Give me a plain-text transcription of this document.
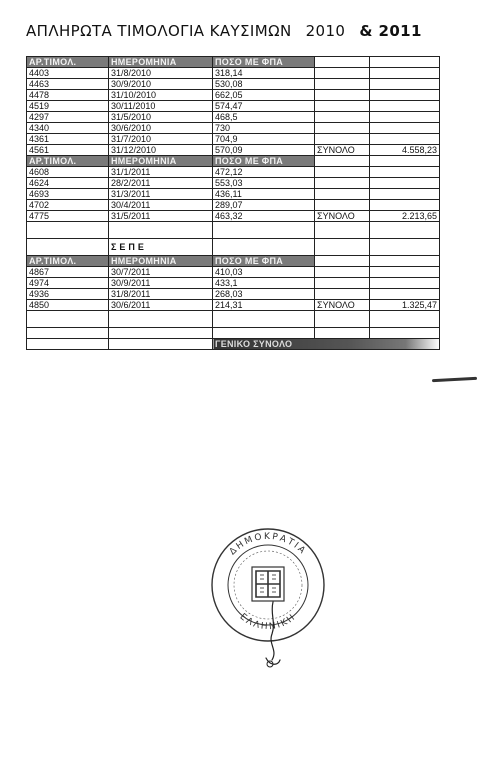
ΑΠΛΗΡΩΤΑ ΤΙΜΟΛΟΓΙΑ ΚΑΥΣΙΜΩΝ 2010 & 2011
ΑΡ.ΤΙΜΟΛ.	ΗΜΕΡΟΜΗΝΙΑ	ΠΟΣΟ ΜΕ ΦΠΑ		
4403	31/8/2010	318,14		
4463	30/9/2010	530,08		
4478	31/10/2010	662,05		
4519	30/11/2010	574,47		
4297	31/5/2010	468,5		
4340	30/6/2010	730		
4361	31/7/2010	704,9		
4561	31/12/2010	570,09	ΣΥΝΟΛΟ	4.558,23
ΑΡ.ΤΙΜΟΛ.	ΗΜΕΡΟΜΗΝΙΑ	ΠΟΣΟ ΜΕ ΦΠΑ		
4608	31/1/2011	472,12		
4624	28/2/2011	553,03		
4693	31/3/2011	436,11		
4702	30/4/2011	289,07		
4775	31/5/2011	463,32	ΣΥΝΟΛΟ	2.213,65

	ΣΕΠΕ			
ΑΡ.ΤΙΜΟΛ.	ΗΜΕΡΟΜΗΝΙΑ	ΠΟΣΟ ΜΕ ΦΠΑ		
4867	30/7/2011	410,03		
4974	30/9/2011	433,1		
4936	31/8/2011	268,03		
4850	30/6/2011	214,31	ΣΥΝΟΛΟ	1.325,47

		ΓΕΝΙΚΟ ΣΥΝΟΛΟ		
ΔΗΜΟΚΡΑΤΙΑ
ΕΛΛΗΝΙΚΗ
